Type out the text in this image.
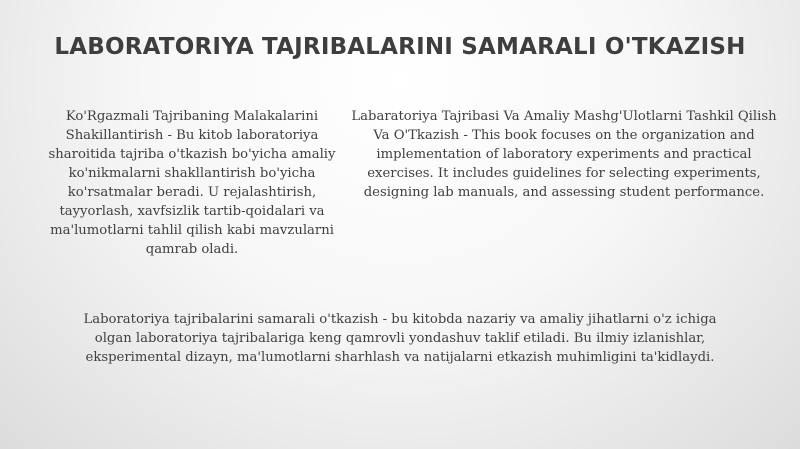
LABORATORIYA TAJRIBALARINI SAMARALI O'TKAZISH

Ko'Rgazmali Tajribaning Malakalarini Shakillantirish - Bu kitob laboratoriya sharoitida tajriba o'tkazish bo'yicha amaliy ko'nikmalarni shakllantirish bo'yicha ko'rsatmalar beradi. U rejalashtirish, tayyorlash, xavfsizlik tartib-qoidalari va ma'lumotlarni tahlil qilish kabi mavzularni qamrab oladi.

Labaratoriya Tajribasi Va Amaliy Mashg'Ulotlarni Tashkil Qilish Va O'Tkazish - This book focuses on the organization and implementation of laboratory experiments and practical exercises. It includes guidelines for selecting experiments, designing lab manuals, and assessing student performance.

Laboratoriya tajribalarini samarali o'tkazish - bu kitobda nazariy va amaliy jihatlarni o'z ichiga olgan laboratoriya tajribalariga keng qamrovli yondashuv taklif etiladi. Bu ilmiy izlanishlar, eksperimental dizayn, ma'lumotlarni sharhlash va natijalarni etkazish muhimligini ta'kidlaydi.
